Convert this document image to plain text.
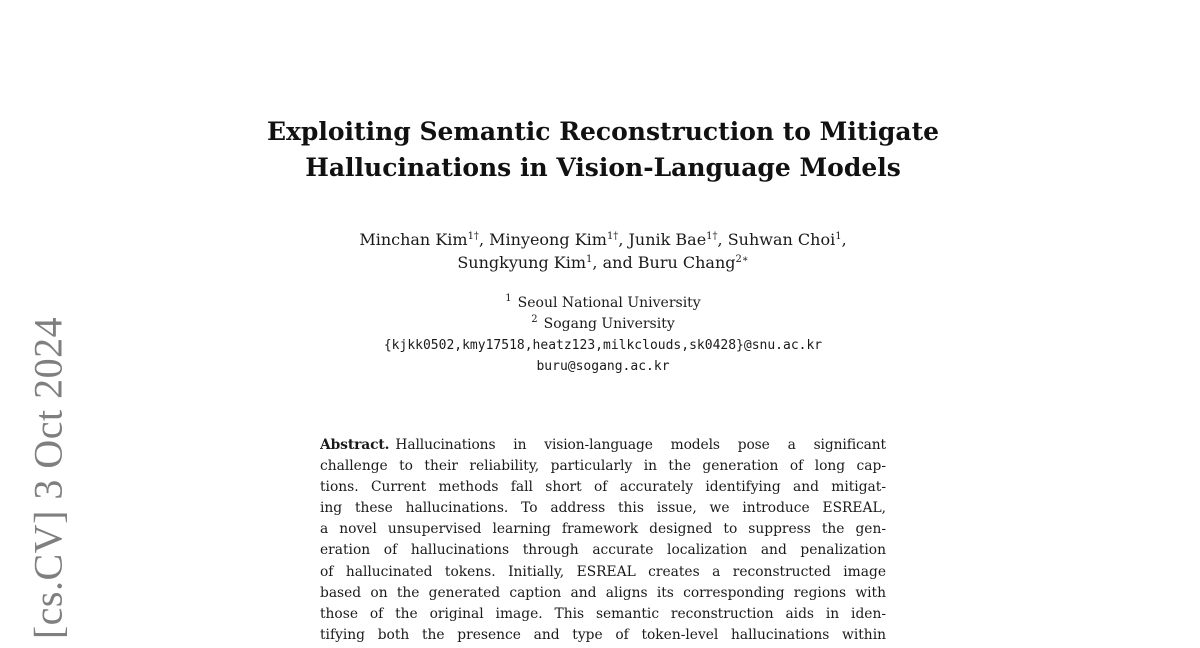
[cs.CV] 3 Oct 2024
Exploiting Semantic Reconstruction to Mitigate
Hallucinations in Vision-Language Models
Minchan Kim$^{1\dagger}$, Minyeong Kim$^{1\dagger}$, Junik Bae$^{1\dagger}$, Suhwan Choi$^1$,
Sungkyung Kim$^1$, and Buru Chang$^{2∗}$
$^1$ Seoul National University
$^2$ Sogang University
{kjkk0502,kmy17518,heatz123,milkclouds,sk0428}@snu.ac.kr
buru@sogang.ac.kr
Abstract. Hallucinations in vision-language models pose a significant
challenge to their reliability, particularly in the generation of long cap-
tions. Current methods fall short of accurately identifying and mitigat-
ing these hallucinations. To address this issue, we introduce ESREAL,
a novel unsupervised learning framework designed to suppress the gen-
eration of hallucinations through accurate localization and penalization
of hallucinated tokens. Initially, ESREAL creates a reconstructed image
based on the generated caption and aligns its corresponding regions with
those of the original image. This semantic reconstruction aids in iden-
tifying both the presence and type of token-level hallucinations within
